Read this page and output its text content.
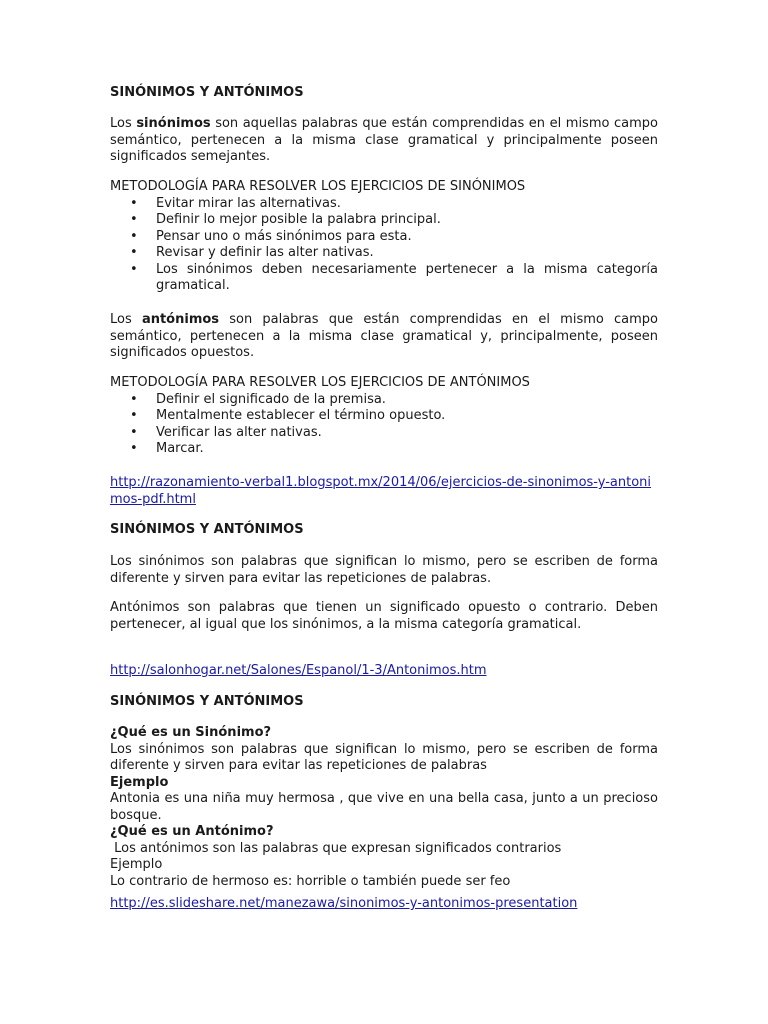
SINÓNIMOS Y ANTÓNIMOS

Los sinónimos son aquellas palabras que están comprendidas en el mismo campo semántico, pertenecen a la misma clase gramatical y principalmente poseen significados semejantes.

METODOLOGÍA PARA RESOLVER LOS EJERCICIOS DE SINÓNIMOS

• Evitar mirar las alternativas.
• Definir lo mejor posible la palabra principal.
• Pensar uno o más sinónimos para esta.
• Revisar y definir las alter nativas.
• Los sinónimos deben necesariamente pertenecer a la misma categoría gramatical.

Los antónimos son palabras que están comprendidas en el mismo campo semántico, pertenecen a la misma clase gramatical y, principalmente, poseen significados opuestos.

METODOLOGÍA PARA RESOLVER LOS EJERCICIOS DE ANTÓNIMOS

• Definir el significado de la premisa.
• Mentalmente establecer el término opuesto.
• Verificar las alter nativas.
• Marcar.

http://razonamiento-verbal1.blogspot.mx/2014/06/ejercicios-de-sinonimos-y-antonimos-pdf.html

SINÓNIMOS Y ANTÓNIMOS

Los sinónimos son palabras que significan lo mismo, pero se escriben de forma diferente y sirven para evitar las repeticiones de palabras.

Antónimos son palabras que tienen un significado opuesto o contrario. Deben pertenecer, al igual que los sinónimos, a la misma categoría gramatical.

http://salonhogar.net/Salones/Espanol/1-3/Antonimos.htm

SINÓNIMOS Y ANTÓNIMOS

¿Qué es un Sinónimo?

Los sinónimos son palabras que significan lo mismo, pero se escriben de forma diferente y sirven para evitar las repeticiones de palabras

Ejemplo

Antonia es una niña muy hermosa , que vive en una bella casa, junto a un precioso bosque.

¿Qué es un Antónimo?

Los antónimos son las palabras que expresan significados contrarios

Ejemplo

Lo contrario de hermoso es: horrible o también puede ser feo

http://es.slideshare.net/manezawa/sinonimos-y-antonimos-presentation
